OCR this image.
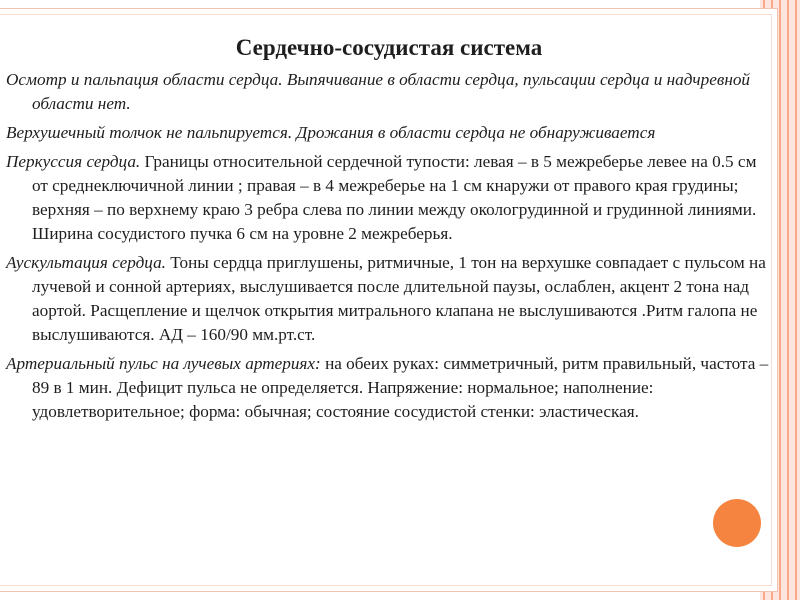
Сердечно-сосудистая система

Осмотр и пальпация области сердца. Выпячивание в области сердца, пульсации сердца и надчревной области нет.

Верхушечный толчок не пальпируется. Дрожания в области сердца не обнаруживается

Перкуссия сердца. Границы относительной сердечной тупости: левая – в 5 межреберье левее на 0.5 см от среднеключичной линии ; правая – в 4 межреберье на 1 см кнаружи от правого края грудины; верхняя – по верхнему краю 3 ребра слева по линии между окологрудинной и грудинной линиями. Ширина сосудистого пучка 6 см на уровне 2 межреберья.

Аускультация сердца. Тоны сердца приглушены, ритмичные, 1 тон на верхушке совпадает с пульсом на лучевой и сонной артериях, выслушивается после длительной паузы, ослаблен, акцент 2 тона над аортой. Расщепление и щелчок открытия митрального клапана не выслушиваются .Ритм галопа не выслушиваются. АД – 160/90 мм.рт.ст.

Артериальный пульс на лучевых артериях: на обеих руках: симметричный, ритм правильный, частота – 89 в 1 мин. Дефицит пульса не определяется. Напряжение: нормальное; наполнение: удовлетворительное; форма: обычная; состояние сосудистой стенки: эластическая.
